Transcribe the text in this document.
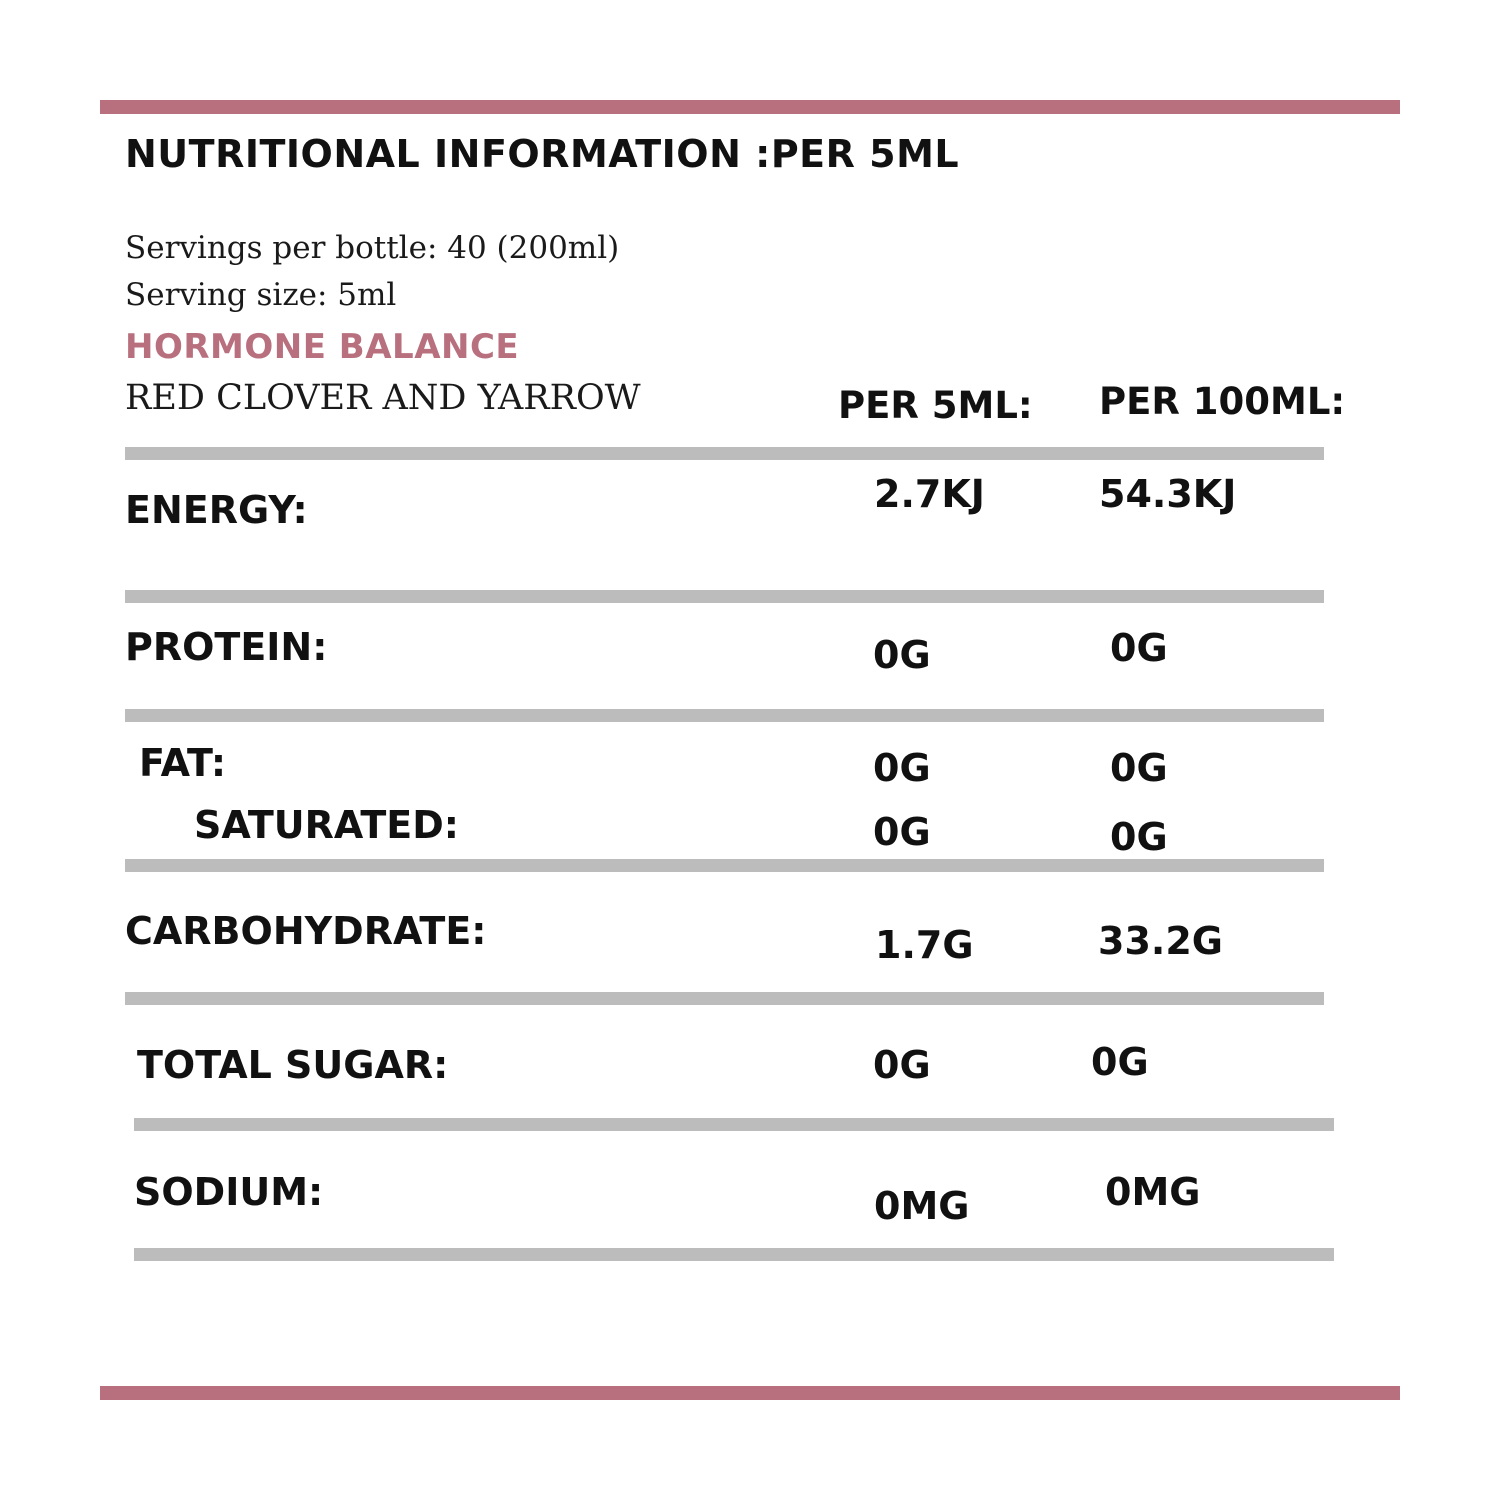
NUTRITIONAL INFORMATION :PER 5ML
Servings per bottle: 40 (200ml)
Serving size: 5ml
HORMONE BALANCE
RED CLOVER AND YARROW	PER 5ML: PER 100ML:
ENERGY:	2.7KJ	54.3KJ
PROTEIN:	0G	0G
FAT:	0G	0G
SATURATED:	0G	0G
CARBOHYDRATE:	1.7G	33.2G
TOTAL SUGAR:	0G	0G
SODIUM:	0MG	0MG
